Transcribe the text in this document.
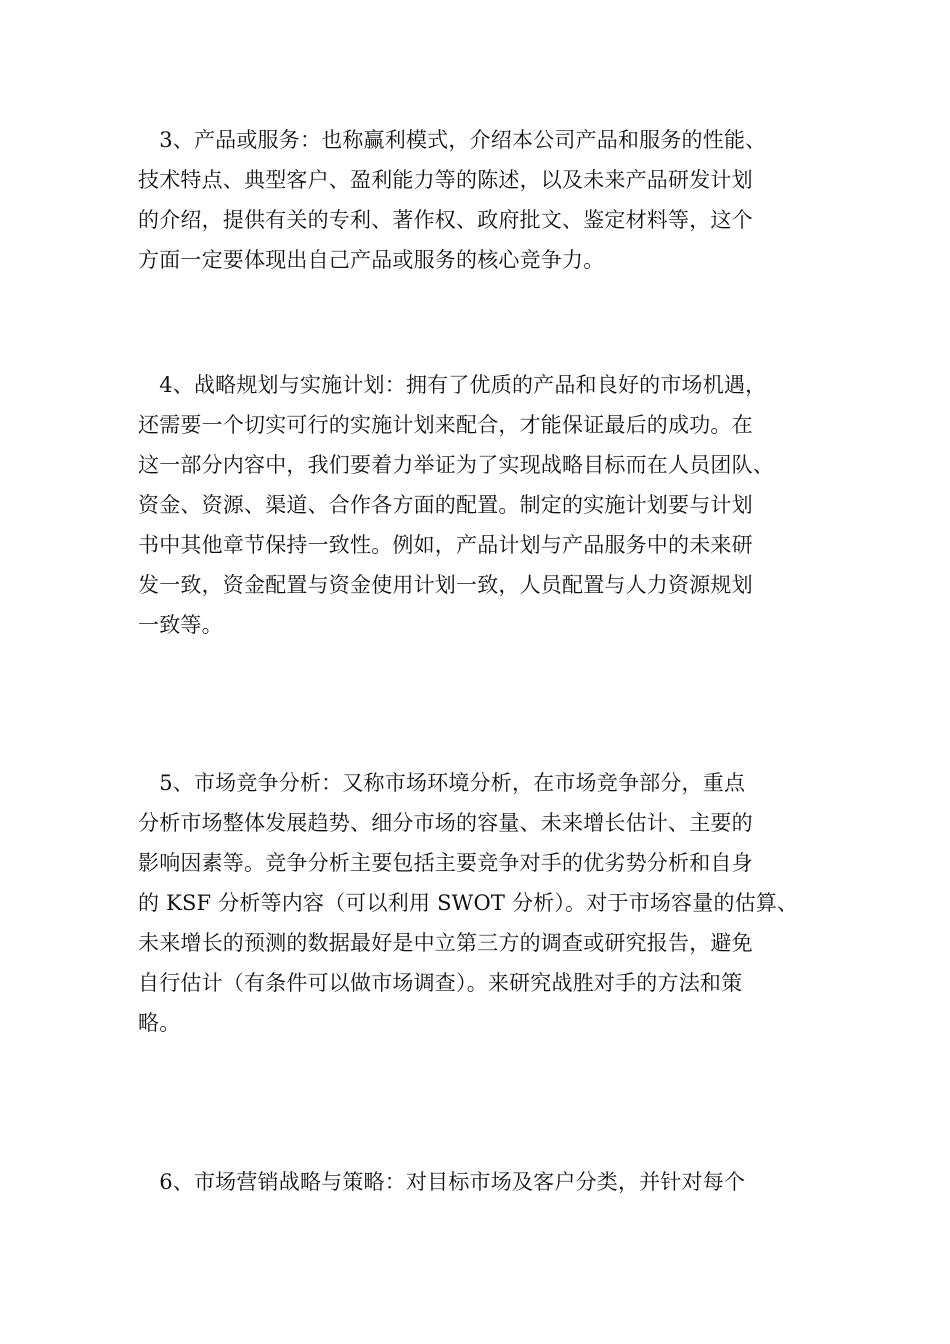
　3、产品或服务：也称赢利模式，介绍本公司产品和服务的性能、
技术特点、典型客户、盈利能力等的陈述，以及未来产品研发计划
的介绍，提供有关的专利、著作权、政府批文、鉴定材料等，这个
方面一定要体现出自己产品或服务的核心竞争力。
　4、战略规划与实施计划：拥有了优质的产品和良好的市场机遇，
还需要一个切实可行的实施计划来配合，才能保证最后的成功。在
这一部分内容中，我们要着力举证为了实现战略目标而在人员团队、
资金、资源、渠道、合作各方面的配置。制定的实施计划要与计划
书中其他章节保持一致性。例如，产品计划与产品服务中的未来研
发一致，资金配置与资金使用计划一致，人员配置与人力资源规划
一致等。
　5、市场竞争分析：又称市场环境分析，在市场竞争部分，重点
分析市场整体发展趋势、细分市场的容量、未来增长估计、主要的
影响因素等。竞争分析主要包括主要竞争对手的优劣势分析和自身
的 KSF 分析等内容（可以利用 SWOT 分析）。对于市场容量的估算、
未来增长的预测的数据最好是中立第三方的调查或研究报告，避免
自行估计（有条件可以做市场调查）。来研究战胜对手的方法和策
略。
　6、市场营销战略与策略：对目标市场及客户分类，并针对每个
